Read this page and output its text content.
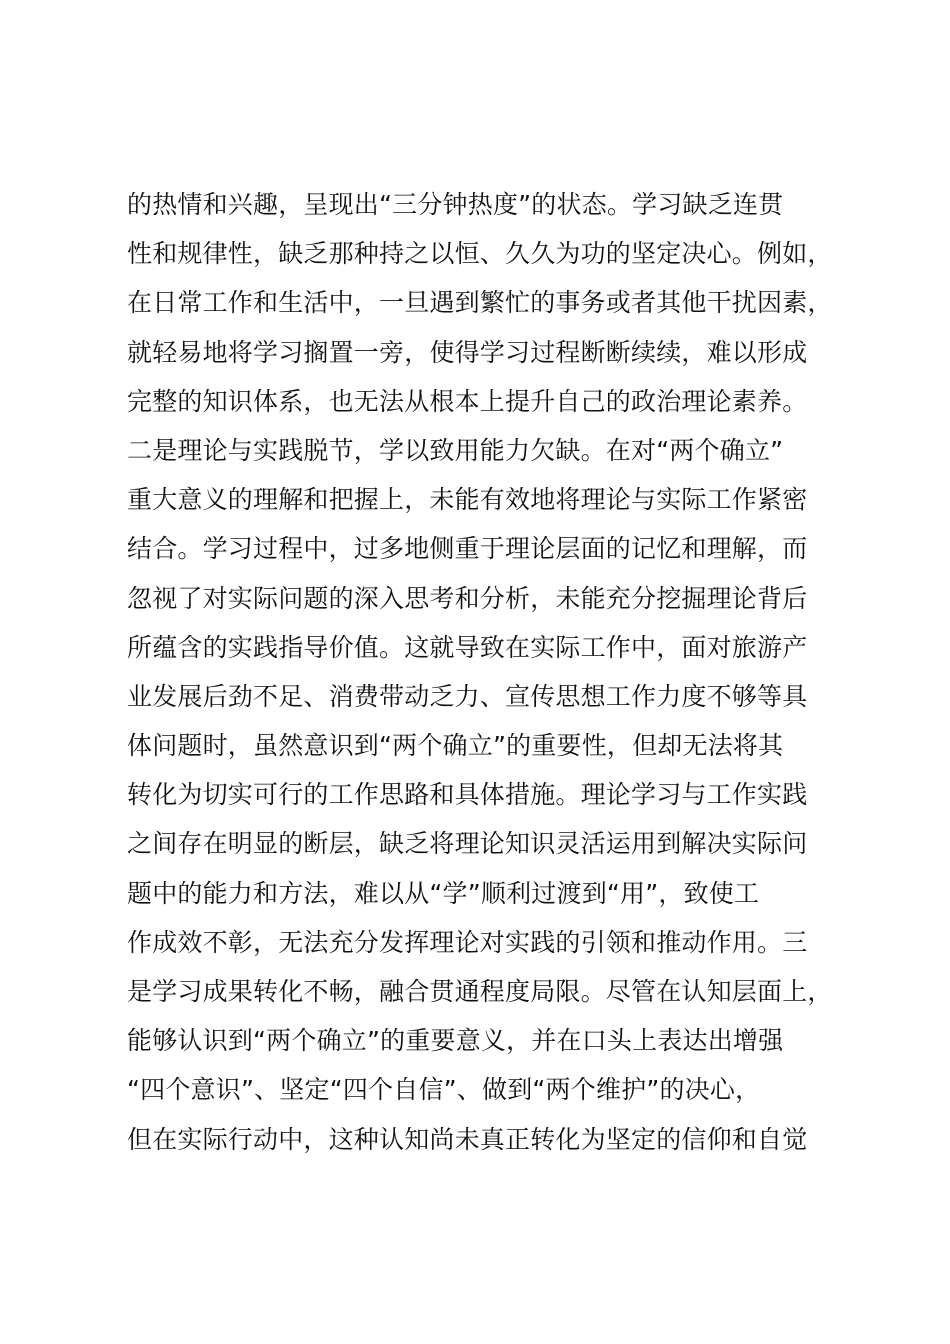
的热情和兴趣，呈现出“三分钟热度”的状态。学习缺乏连贯
性和规律性，缺乏那种持之以恒、久久为功的坚定决心。例如，
在日常工作和生活中，一旦遇到繁忙的事务或者其他干扰因素，
就轻易地将学习搁置一旁，使得学习过程断断续续，难以形成
完整的知识体系，也无法从根本上提升自己的政治理论素养。
二是理论与实践脱节，学以致用能力欠缺。在对“两个确立”
重大意义的理解和把握上，未能有效地将理论与实际工作紧密
结合。学习过程中，过多地侧重于理论层面的记忆和理解，而
忽视了对实际问题的深入思考和分析，未能充分挖掘理论背后
所蕴含的实践指导价值。这就导致在实际工作中，面对旅游产
业发展后劲不足、消费带动乏力、宣传思想工作力度不够等具
体问题时，虽然意识到“两个确立”的重要性，但却无法将其
转化为切实可行的工作思路和具体措施。理论学习与工作实践
之间存在明显的断层，缺乏将理论知识灵活运用到解决实际问
题中的能力和方法，难以从“学”顺利过渡到“用”，致使工
作成效不彰，无法充分发挥理论对实践的引领和推动作用。三
是学习成果转化不畅，融合贯通程度局限。尽管在认知层面上，
能够认识到“两个确立”的重要意义，并在口头上表达出增强
“四个意识”、坚定“四个自信”、做到“两个维护”的决心，
但在实际行动中，这种认知尚未真正转化为坚定的信仰和自觉
